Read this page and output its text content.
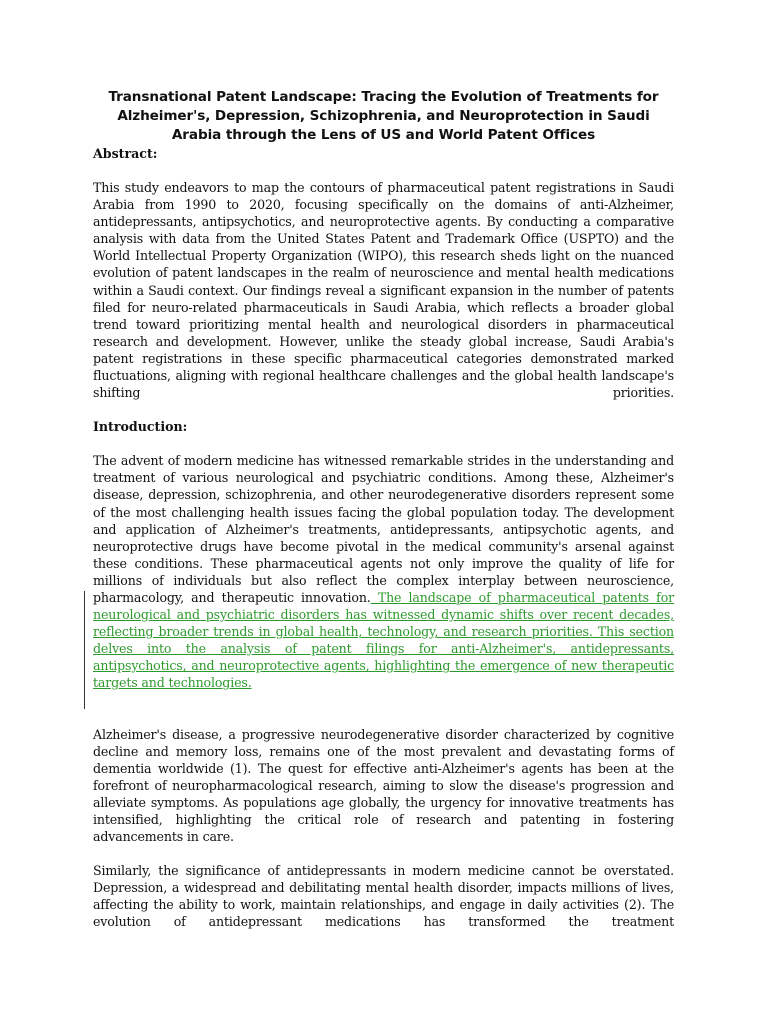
Transnational Patent Landscape: Tracing the Evolution of Treatments for Alzheimer's, Depression, Schizophrenia, and Neuroprotection in Saudi Arabia through the Lens of US and World Patent Offices
Abstract:

This study endeavors to map the contours of pharmaceutical patent registrations in Saudi Arabia from 1990 to 2020, focusing specifically on the domains of anti-Alzheimer, antidepressants, antipsychotics, and neuroprotective agents. By conducting a comparative analysis with data from the United States Patent and Trademark Office (USPTO) and the World Intellectual Property Organization (WIPO), this research sheds light on the nuanced evolution of patent landscapes in the realm of neuroscience and mental health medications within a Saudi context. Our findings reveal a significant expansion in the number of patents filed for neuro-related pharmaceuticals in Saudi Arabia, which reflects a broader global trend toward prioritizing mental health and neurological disorders in pharmaceutical research and development. However, unlike the steady global increase, Saudi Arabia's patent registrations in these specific pharmaceutical categories demonstrated marked fluctuations, aligning with regional healthcare challenges and the global health landscape's shifting priorities.

Introduction:

The advent of modern medicine has witnessed remarkable strides in the understanding and treatment of various neurological and psychiatric conditions. Among these, Alzheimer's disease, depression, schizophrenia, and other neurodegenerative disorders represent some of the most challenging health issues facing the global population today. The development and application of Alzheimer's treatments, antidepressants, antipsychotic agents, and neuroprotective drugs have become pivotal in the medical community's arsenal against these conditions. These pharmaceutical agents not only improve the quality of life for millions of individuals but also reflect the complex interplay between neuroscience, pharmacology, and therapeutic innovation. The landscape of pharmaceutical patents for neurological and psychiatric disorders has witnessed dynamic shifts over recent decades, reflecting broader trends in global health, technology, and research priorities. This section delves into the analysis of patent filings for anti-Alzheimer's, antidepressants, antipsychotics, and neuroprotective agents, highlighting the emergence of new therapeutic targets and technologies.

Alzheimer's disease, a progressive neurodegenerative disorder characterized by cognitive decline and memory loss, remains one of the most prevalent and devastating forms of dementia worldwide (1). The quest for effective anti-Alzheimer's agents has been at the forefront of neuropharmacological research, aiming to slow the disease's progression and alleviate symptoms. As populations age globally, the urgency for innovative treatments has intensified, highlighting the critical role of research and patenting in fostering advancements in care.

Similarly, the significance of antidepressants in modern medicine cannot be overstated. Depression, a widespread and debilitating mental health disorder, impacts millions of lives, affecting the ability to work, maintain relationships, and engage in daily activities (2). The evolution of antidepressant medications has transformed the treatment
